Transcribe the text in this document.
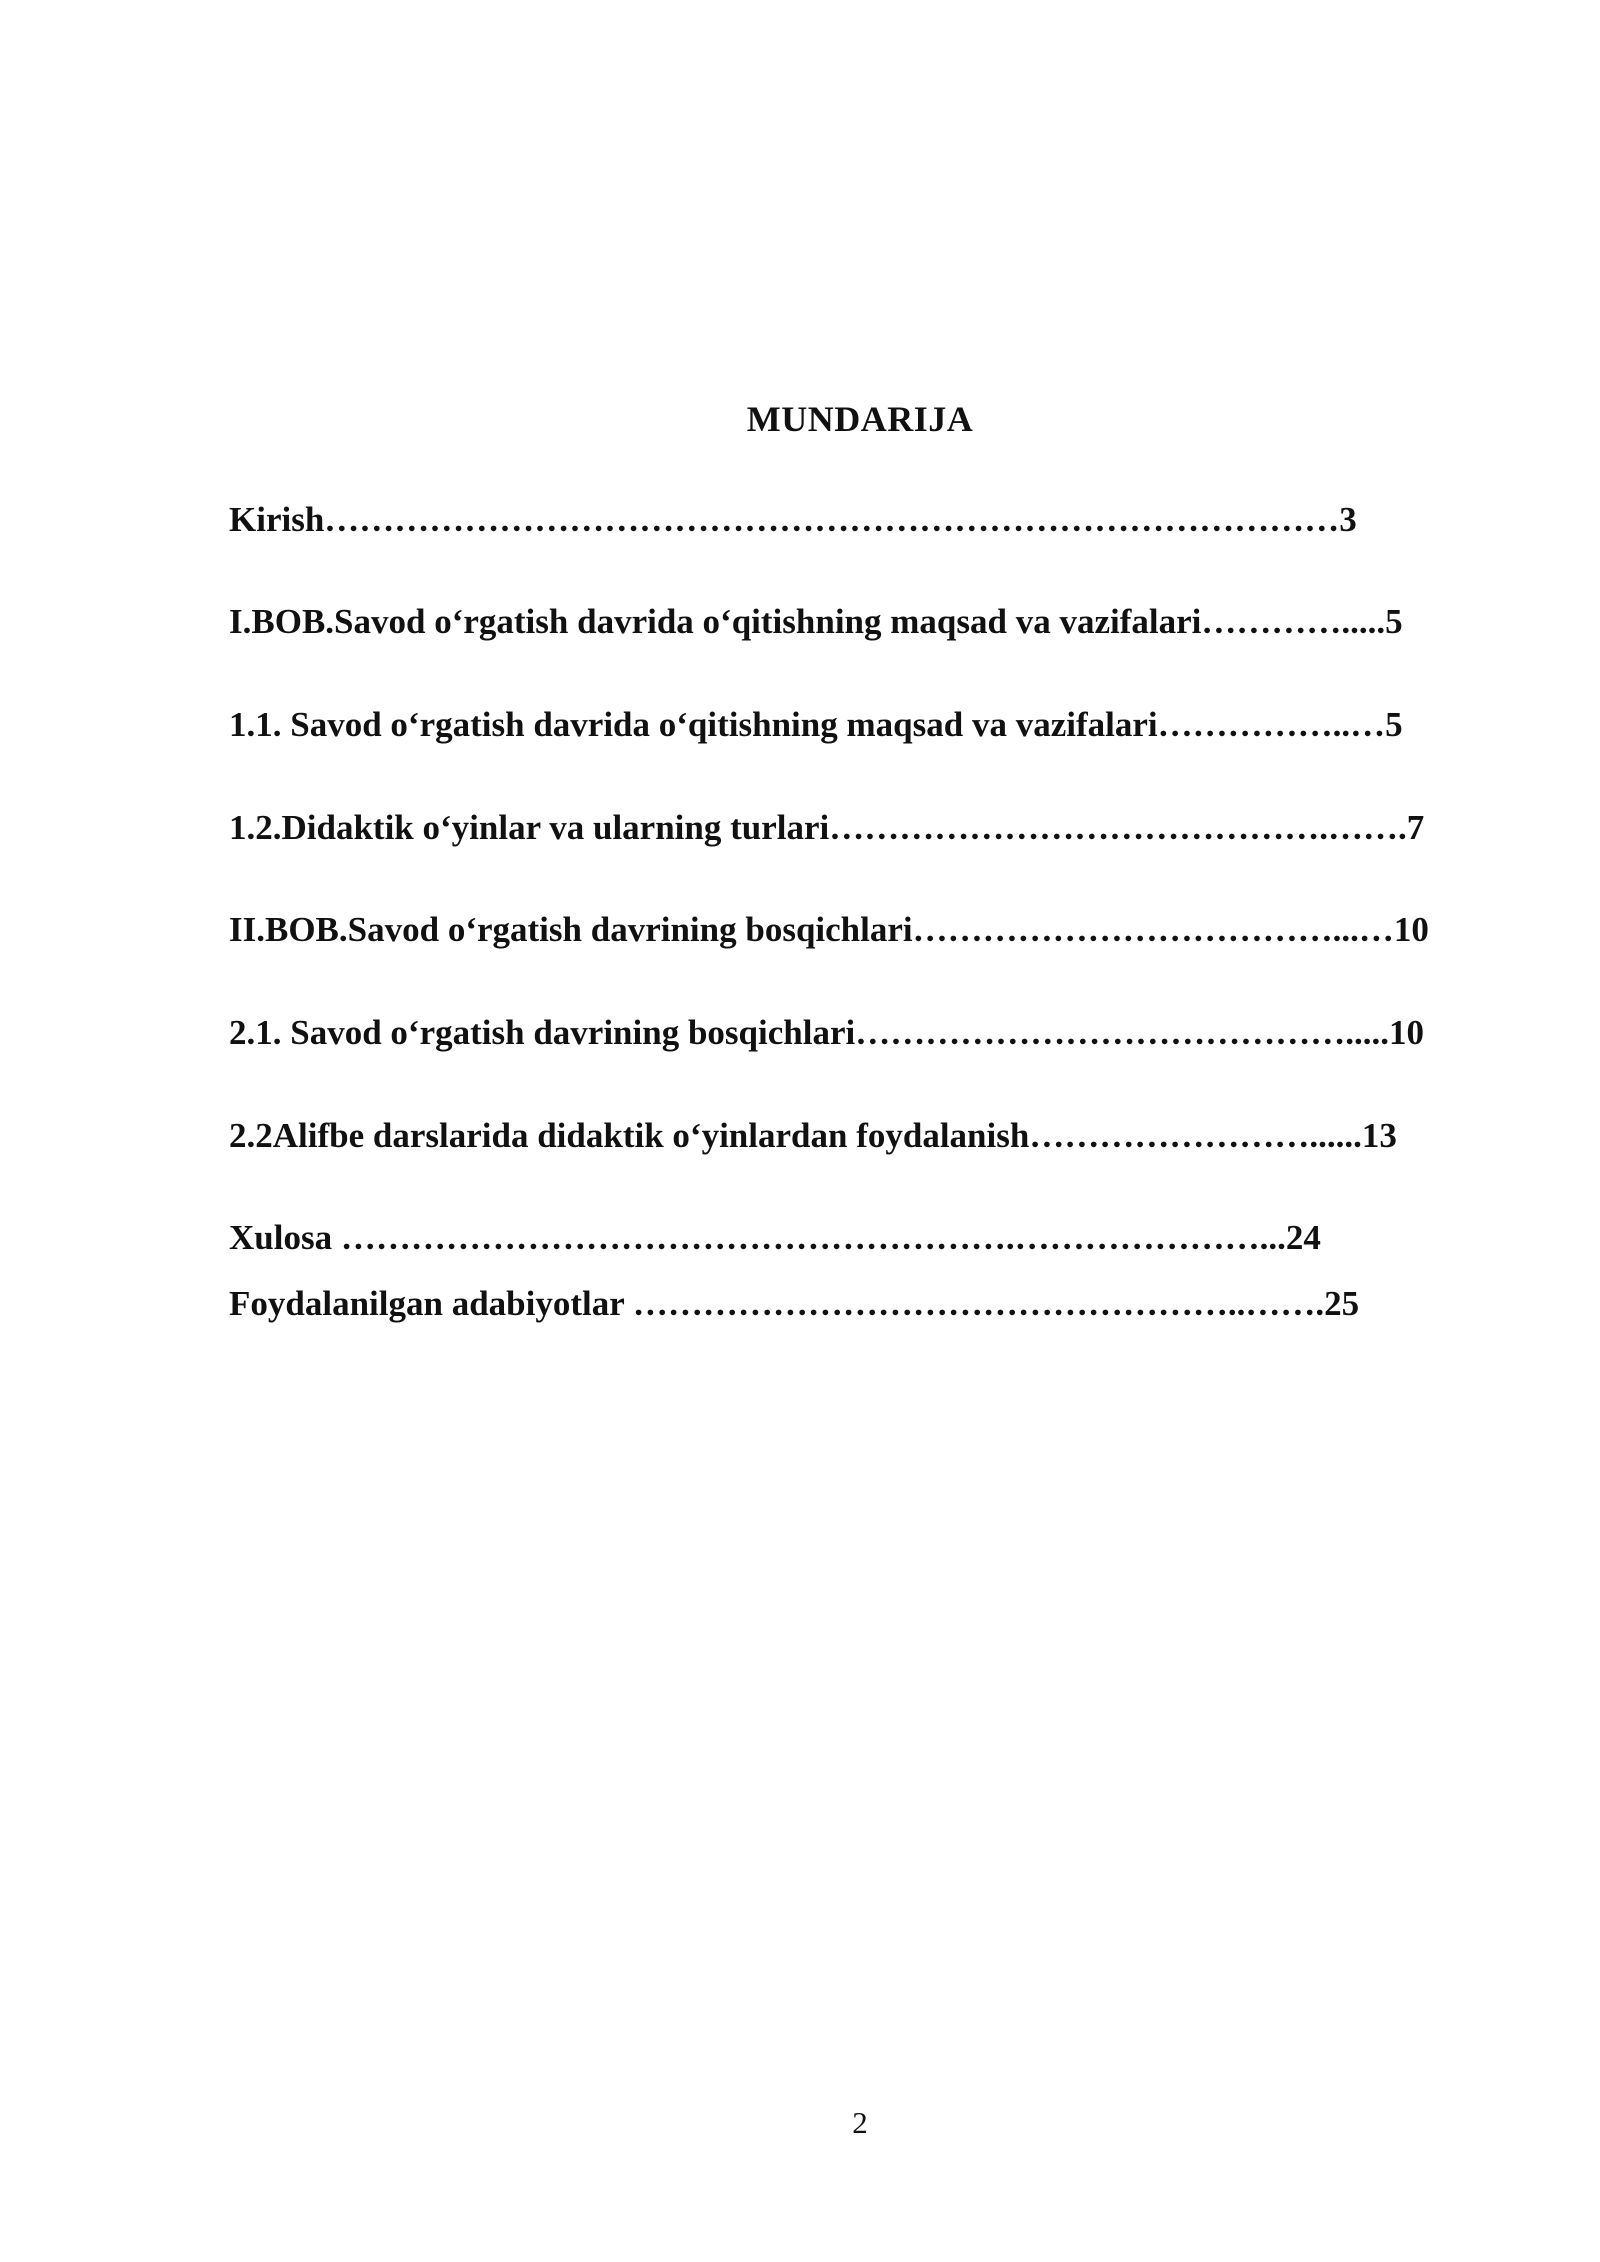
MUNDARIJA
Kirish……………………………………………………………………………3
I.BOB.Savod o‘rgatish davrida o‘qitishning maqsad va vazifalari………….....5
1.1. Savod o‘rgatish davrida o‘qitishning maqsad va vazifalari……………..…5
1.2.Didaktik o‘yinlar va ularning turlari…………………………………….…….7
II.BOB.Savod o‘rgatish davrining bosqichlari………………………………...…10
2.1. Savod o‘rgatish davrining bosqichlari…………………………………….....10
2.2Alifbe darslarida didaktik o‘yinlardan foydalanish……………………......13
Xulosa ………………………………………………….…………………...24
Foydalanilgan adabiyotlar ……………………………………………..…….25
2
